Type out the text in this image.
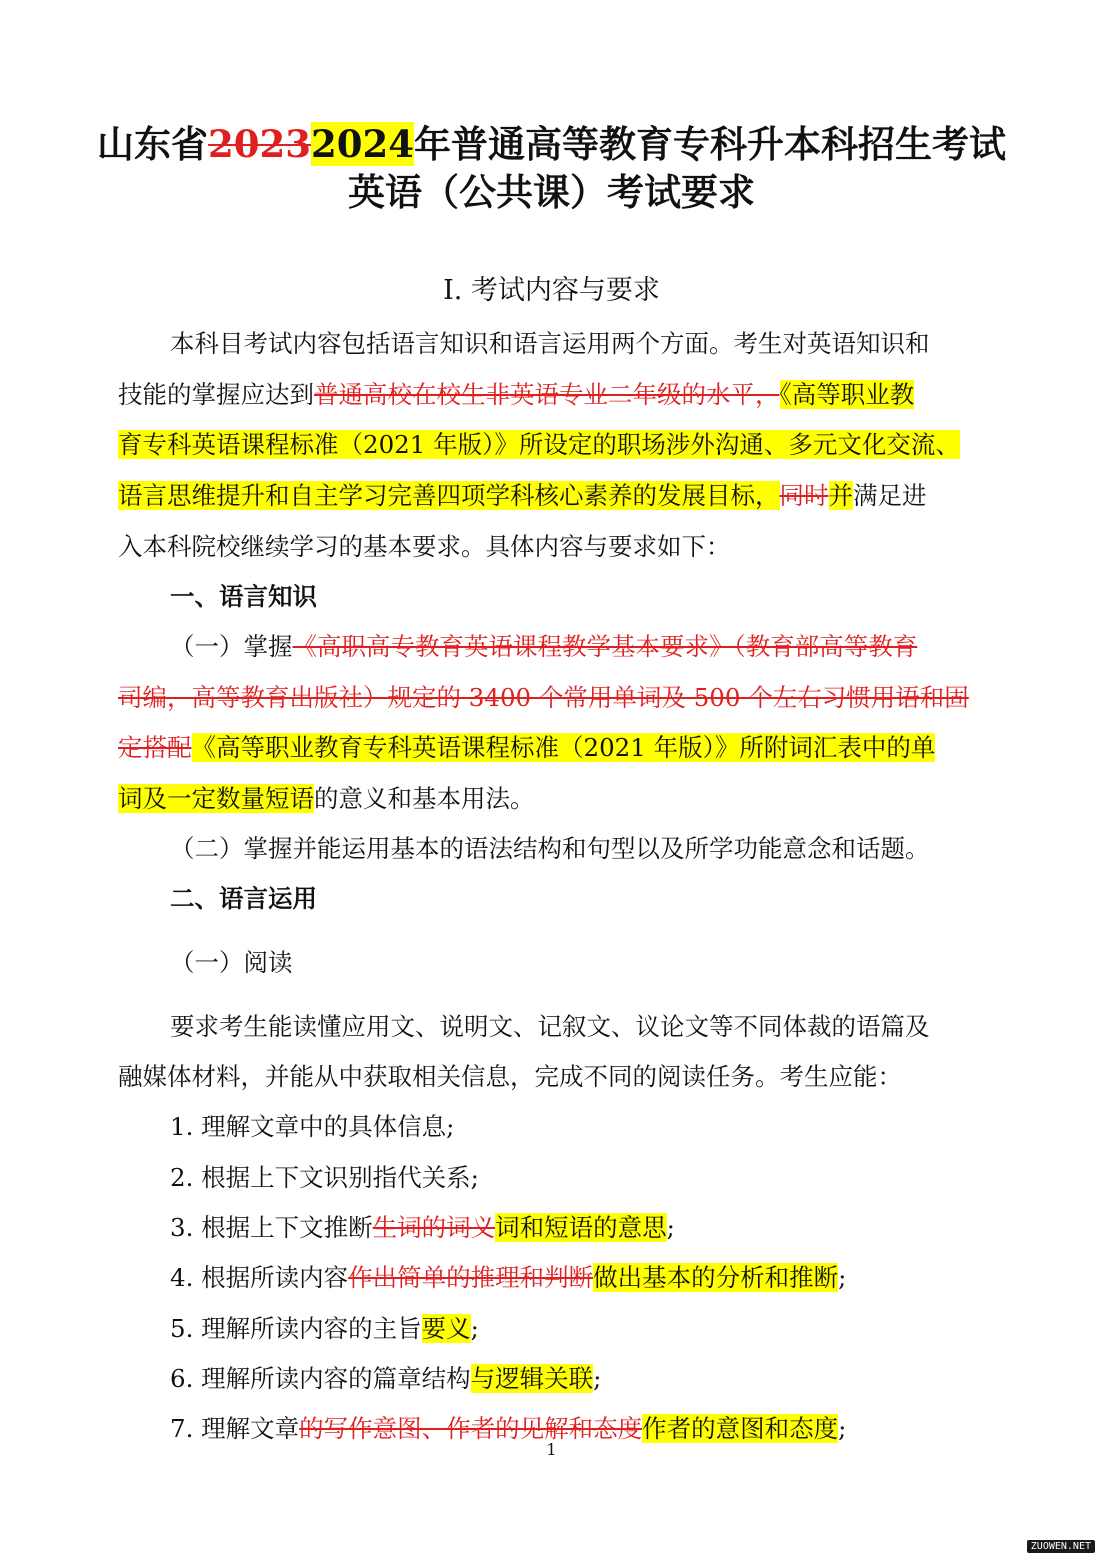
山东省20232024年普通高等教育专科升本科招生考试
英语（公共课）考试要求
I. 考试内容与要求
本科目考试内容包括语言知识和语言运用两个方面。考生对英语知识和
技能的掌握应达到普通高校在校生非英语专业二年级的水平，《高等职业教
育专科英语课程标准（2021 年版）》所设定的职场涉外沟通、多元文化交流、
语言思维提升和自主学习完善四项学科核心素养的发展目标，同时并满足进
入本科院校继续学习的基本要求。具体内容与要求如下：
一、语言知识
（一）掌握《高职高专教育英语课程教学基本要求》（教育部高等教育
司编，高等教育出版社）规定的 3400 个常用单词及 500 个左右习惯用语和固
定搭配《高等职业教育专科英语课程标准（2021 年版）》所附词汇表中的单
词及一定数量短语的意义和基本用法。
（二）掌握并能运用基本的语法结构和句型以及所学功能意念和话题。
二、语言运用
（一）阅读
要求考生能读懂应用文、说明文、记叙文、议论文等不同体裁的语篇及
融媒体材料，并能从中获取相关信息，完成不同的阅读任务。考生应能：
1. 理解文章中的具体信息;
2. 根据上下文识别指代关系;
3. 根据上下文推断生词的词义词和短语的意思;
4. 根据所读内容作出简单的推理和判断做出基本的分析和推断;
5. 理解所读内容的主旨要义;
6. 理解所读内容的篇章结构与逻辑关联;
7. 理解文章的写作意图、作者的见解和态度作者的意图和态度;
1
ZUOWEN.NET
